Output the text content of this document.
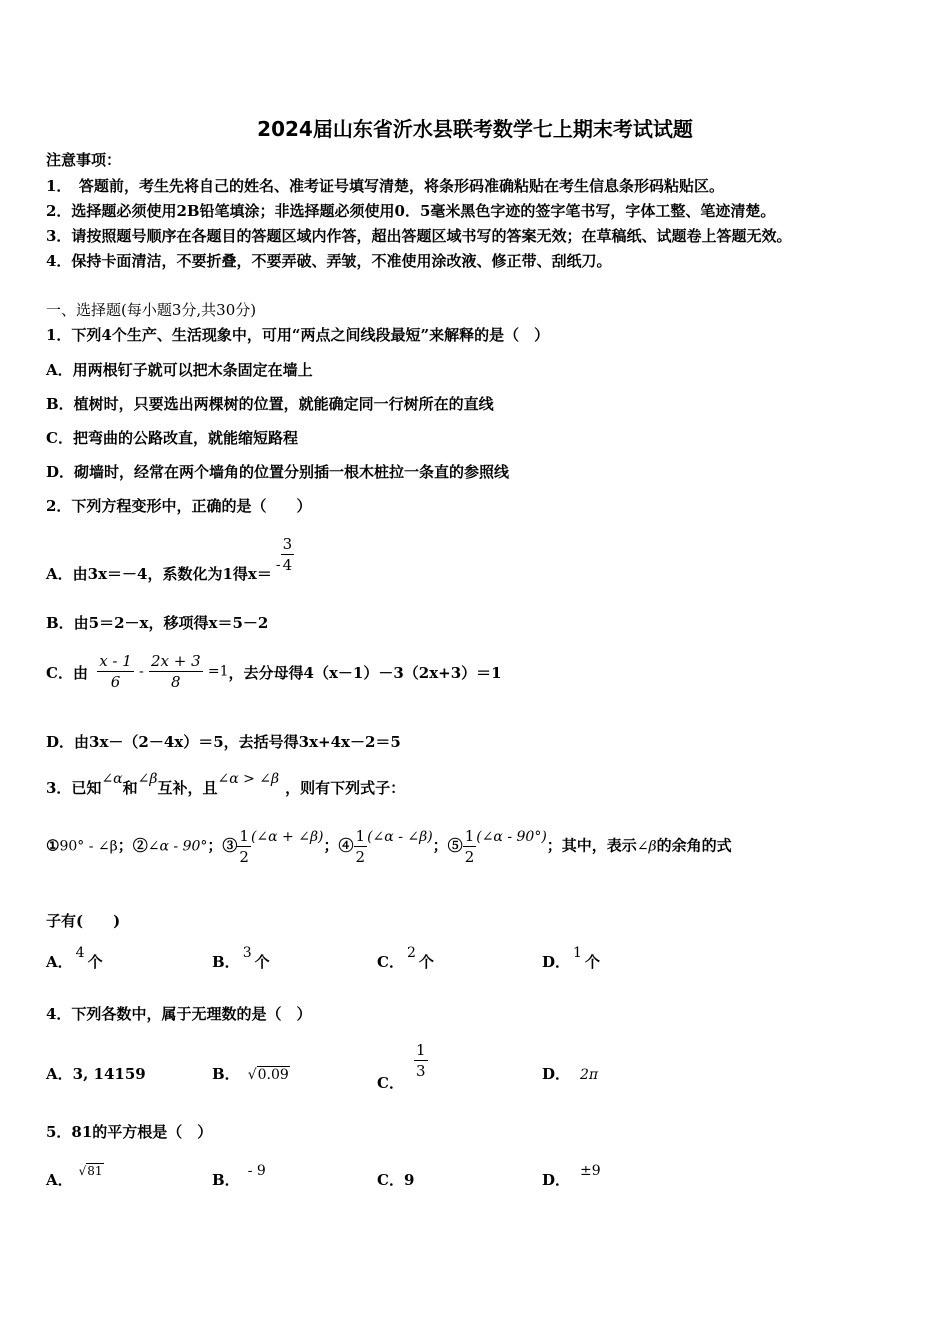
2024届山东省沂水县联考数学七上期末考试试题
注意事项：
1．　答题前，考生先将自己的姓名、准考证号填写清楚，将条形码准确粘贴在考生信息条形码粘贴区。
2．选择题必须使用2B铅笔填涂；非选择题必须使用0．5毫米黑色字迹的签字笔书写，字体工整、笔迹清楚。
3．请按照题号顺序在各题目的答题区域内作答，超出答题区域书写的答案无效；在草稿纸、试题卷上答题无效。
4．保持卡面清洁，不要折叠，不要弄破、弄皱，不准使用涂改液、修正带、刮纸刀。
一、选择题(每小题3分,共30分)
1．下列4个生产、生活现象中，可用“两点之间线段最短”来解释的是（　）
A．用两根钉子就可以把木条固定在墙上
B．植树时，只要选出两棵树的位置，就能确定同一行树所在的直线
C．把弯曲的公路改直，就能缩短路程
D．砌墙时，经常在两个墙角的位置分别插一根木桩拉一条直的参照线
2．下列方程变形中，正确的是（　　）
A．由3x＝－4，系数化为1得$x= - \frac{3}{4}$
B．由5＝2－x，移项得x＝5－2
C．由 $\frac{x - 1}{6} - \frac{2x + 3}{8} =1$，去分母得4（x－1）－3（2x+3）＝1
D．由3x－（2－4x）＝5，去括号得3x+4x－2＝5
3．已知∠α和∠β互补，且∠α > ∠β ，则有下列式子：
①90° - ∠β；②∠α - 90°；③ $\frac{1}{2}$ (∠α + ∠β)；④ $\frac{1}{2}$ (∠α - ∠β)；⑤ $\frac{1}{2}$ (∠α - 90°)；其中，表示∠β的余角的式
子有(　　)
A． 4 个	B． 3 个	C． 2 个	D． 1 个
4．下列各数中，属于无理数的是（　）
A．3, 14159	B． √0.09	C．
$\frac{1}{3}$	D． 2π
5．81的平方根是（　）
A． √81	B． - 9	C．9	D． ±9
